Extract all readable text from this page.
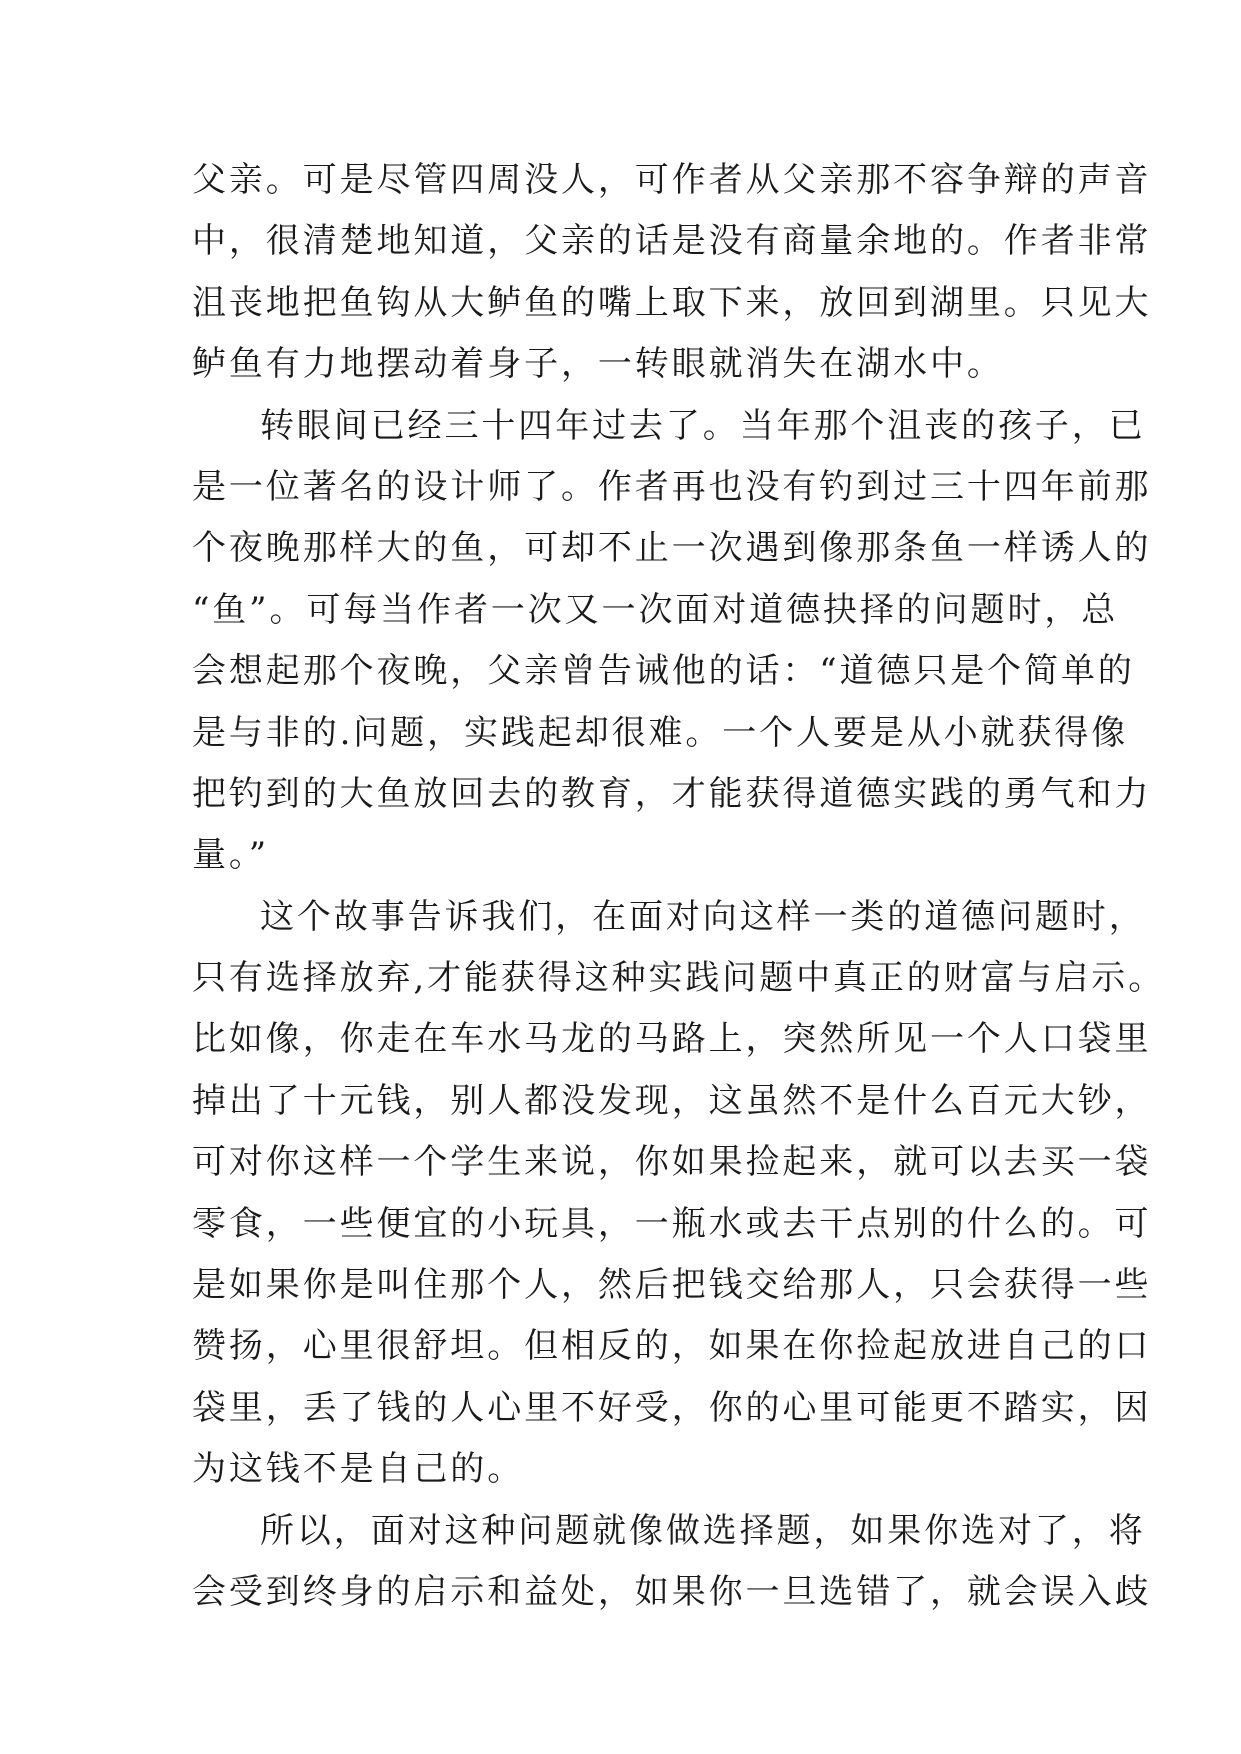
父亲。可是尽管四周没人，可作者从父亲那不容争辩的声音
中，很清楚地知道，父亲的话是没有商量余地的。作者非常
沮丧地把鱼钩从大鲈鱼的嘴上取下来，放回到湖里。只见大
鲈鱼有力地摆动着身子，一转眼就消失在湖水中。
转眼间已经三十四年过去了。当年那个沮丧的孩子，已
是一位著名的设计师了。作者再也没有钓到过三十四年前那
个夜晚那样大的鱼，可却不止一次遇到像那条鱼一样诱人的
“鱼”。可每当作者一次又一次面对道德抉择的问题时，总
会想起那个夜晚，父亲曾告诫他的话：“道德只是个简单的
是与非的.问题，实践起却很难。一个人要是从小就获得像
把钓到的大鱼放回去的教育，才能获得道德实践的勇气和力
量。”
这个故事告诉我们，在面对向这样一类的道德问题时，
只有选择放弃,才能获得这种实践问题中真正的财富与启示。
比如像，你走在车水马龙的马路上，突然所见一个人口袋里
掉出了十元钱，别人都没发现，这虽然不是什么百元大钞，
可对你这样一个学生来说，你如果捡起来，就可以去买一袋
零食，一些便宜的小玩具，一瓶水或去干点别的什么的。可
是如果你是叫住那个人，然后把钱交给那人，只会获得一些
赞扬，心里很舒坦。但相反的，如果在你捡起放进自己的口
袋里，丢了钱的人心里不好受，你的心里可能更不踏实，因
为这钱不是自己的。
所以，面对这种问题就像做选择题，如果你选对了，将
会受到终身的启示和益处，如果你一旦选错了，就会误入歧
